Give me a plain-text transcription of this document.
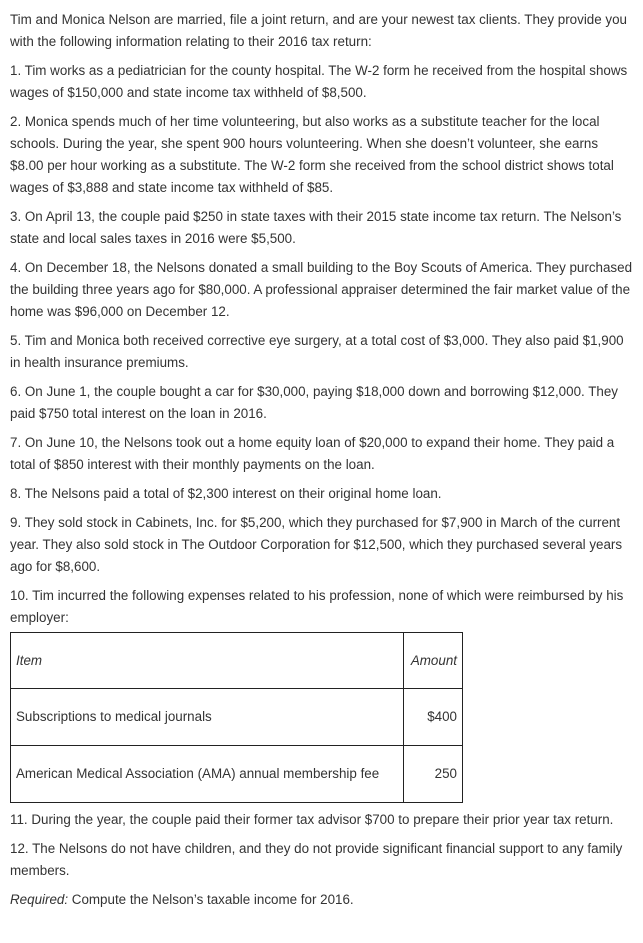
Tim and Monica Nelson are married, file a joint return, and are your newest tax clients. They provide you with the following information relating to their 2016 tax return:

1. Tim works as a pediatrician for the county hospital. The W-2 form he received from the hospital shows wages of $150,000 and state income tax withheld of $8,500.

2. Monica spends much of her time volunteering, but also works as a substitute teacher for the local schools. During the year, she spent 900 hours volunteering. When she doesn’t volunteer, she earns $8.00 per hour working as a substitute. The W-2 form she received from the school district shows total wages of $3,888 and state income tax withheld of $85.

3. On April 13, the couple paid $250 in state taxes with their 2015 state income tax return. The Nelson’s state and local sales taxes in 2016 were $5,500.

4. On December 18, the Nelsons donated a small building to the Boy Scouts of America. They purchased the building three years ago for $80,000. A professional appraiser determined the fair market value of the home was $96,000 on December 12.

5. Tim and Monica both received corrective eye surgery, at a total cost of $3,000. They also paid $1,900 in health insurance premiums.

6. On June 1, the couple bought a car for $30,000, paying $18,000 down and borrowing $12,000. They paid $750 total interest on the loan in 2016.

7. On June 10, the Nelsons took out a home equity loan of $20,000 to expand their home. They paid a total of $850 interest with their monthly payments on the loan.

8. The Nelsons paid a total of $2,300 interest on their original home loan.

9. They sold stock in Cabinets, Inc. for $5,200, which they purchased for $7,900 in March of the current year. They also sold stock in The Outdoor Corporation for $12,500, which they purchased several years ago for $8,600.

10. Tim incurred the following expenses related to his profession, none of which were reimbursed by his employer:

Item	Amount
Subscriptions to medical journals	$400
American Medical Association (AMA) annual membership fee	250

11. During the year, the couple paid their former tax advisor $700 to prepare their prior year tax return.

12. The Nelsons do not have children, and they do not provide significant financial support to any family members.

Required: Compute the Nelson’s taxable income for 2016.
